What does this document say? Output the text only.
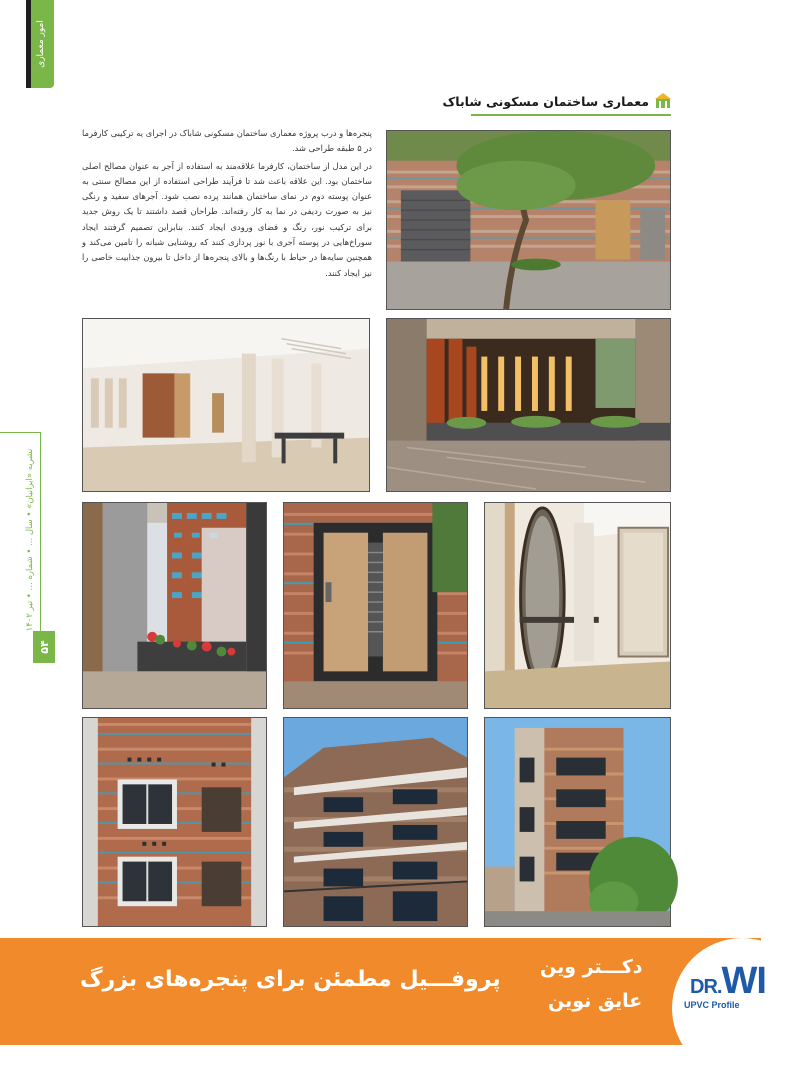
امور معماری
نشریه «ایرانیان» • سال ... • شماره ... • تیر ۱۴۰۲
۵۴
معماری ساختمان مسکونی شاباک

پنجره‌ها و درب پروژه معماری ساختمان مسکونی شاباک در اجرای یه ترکیبی کارفرما در ۵ طبقه طراحی شد.

در این مدل از ساختمان، کارفرما علاقه‌مند به استفاده از آجر به عنوان مصالح اصلی ساختمان بود. این علاقه باعث شد تا فرآیند طراحی استفاده از این مصالح سنتی به عنوان پوسته دوم در نمای ساختمان همانند پرده نصب شود. آجرهای سفید و رنگی نیز به صورت ردیفی در نما به کار رفته‌اند. طراحان قصد داشتند تا یک روش جدید برای ترکیب نور، رنگ و فضای ورودی ایجاد کنند. بنابراین تصمیم گرفتند ایجاد سوراخ‌هایی در پوسته آجری با نور پردازی کنند که روشنایی شبانه را تامین می‌کند و همچنین سایه‌ها در حیاط با رنگ‌ها و بالای پنجره‌ها از داخل تا بیرون جذابیت خاصی را نیز ایجاد کنند.

پروفـــیل مطمئن برای پنجره‌های بزرگ دکـــتر وین
عایق نوین
DR.WI
UPVC Profile
